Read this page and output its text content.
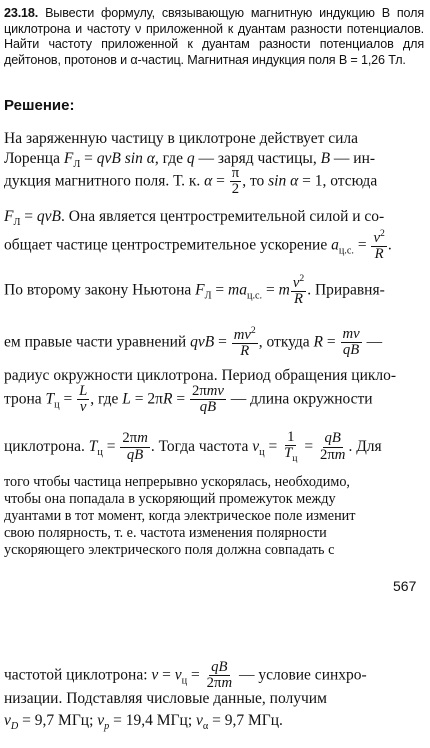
23.18. Вывести формулу, связывающую магнитную индукцию B поля циклотрона и частоту ν приложенной к дуантам разности потенциалов. Найти частоту приложенной к дуантам разности потенциалов для дейтонов, протонов и α-частиц. Магнитная индукция поля B = 1,26 Тл.
Решение:
На заряженную частицу в циклотроне действует сила
Лоренца $F_Л$ = qvB sin α, где q — заряд частицы, B — ин-
дукция магнитного поля. Т. к. $\alpha = \frac{\pi}{2}$ , то sin α = 1, отсюда
$F_Л$ = qvB. Она является центростремительной силой и со-
общает частице центростремительное ускорение $a_{ц.с.} = \frac{v^2}{R}$ .
По второму закону Ньютона $F_Л = ma_{ц.с.} = m \frac{v^2}{R}$ . Приравня-
ем правые части уравнений qvB = $\frac{mv^2}{R}$ , откуда $R = \frac{mv}{qB}$ —
радиус окружности циклотрона. Период обращения цикло-
трона $T_ц = \frac{L}{v}$ , где $L = 2\pi R = \frac{\text{2πmv}}{qB}$ — длина окружности
циклотрона. $T_ц = \frac{2\pi m}{qB}$ . Тогда частота $\nu_ц = \frac{1}{T_ц} = \frac{qB}{2\pi m}$ . Для
того чтобы частица непрерывно ускорялась, необходимо,
чтобы она попадала в ускоряющий промежуток между
дуантами в тот момент, когда электрическое поле изменит
свою полярность, т. е. частота изменения полярности
ускоряющего электрического поля должна совпадать с
567
частотой циклотрона: $\nu = \nu_ц = \frac{qB}{2\pi m}$ — условие синхро-
низации. Подставляя числовые данные, получим
$\nu_D = 9,7$ МГц; $\nu_p = 19,4$ МГц; $\nu_\alpha = 9,7$ МГц.
